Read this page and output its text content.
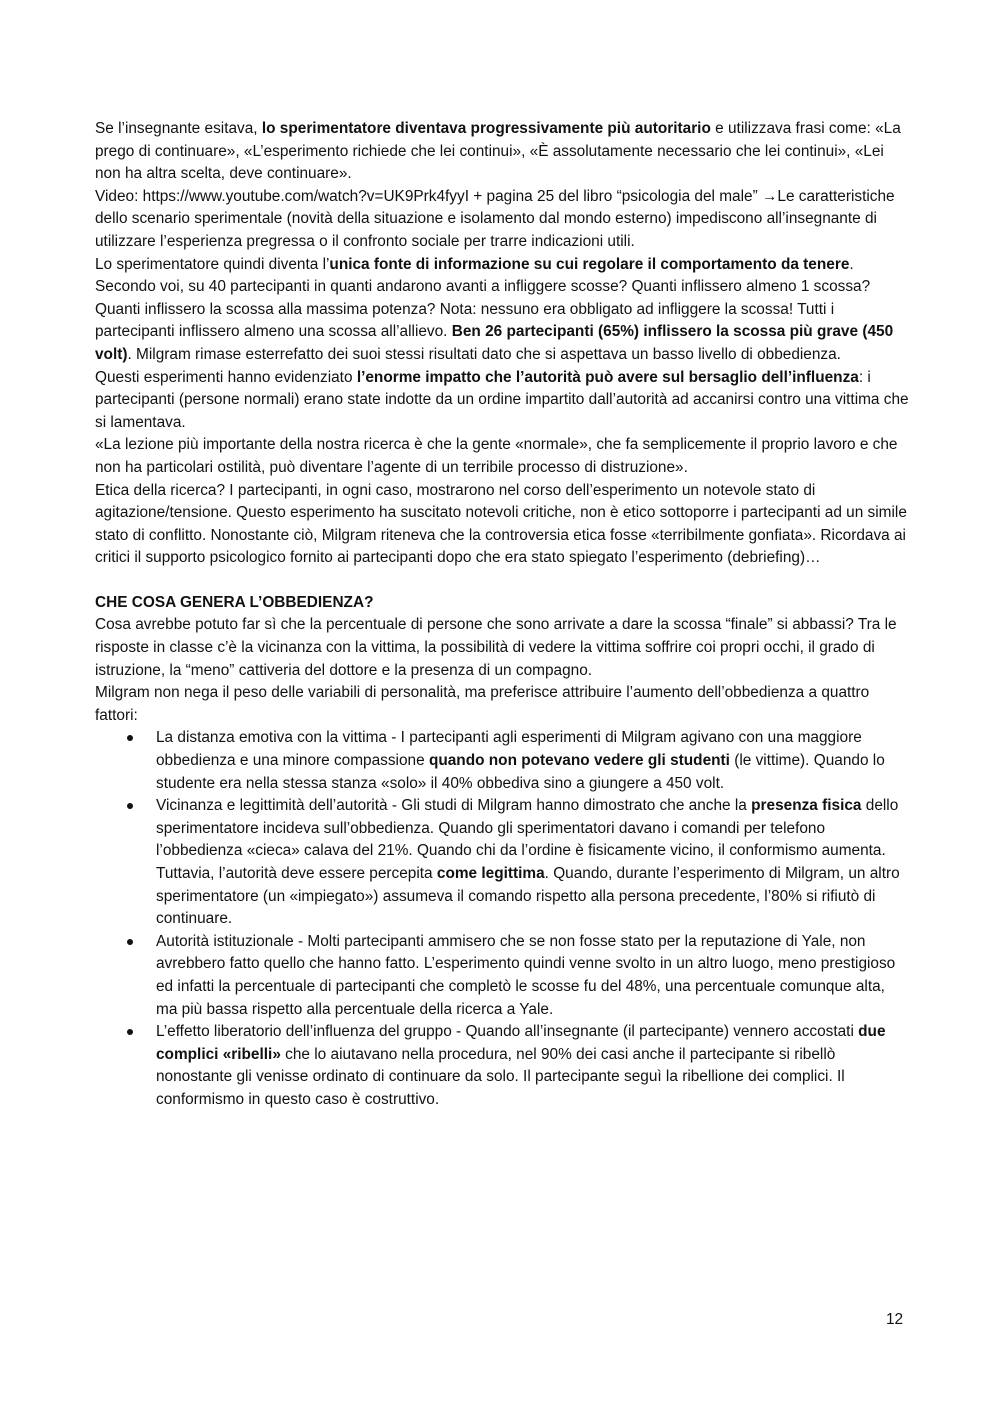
Se l’insegnante esitava, lo sperimentatore diventava progressivamente più autoritario e utilizzava frasi come: «La prego di continuare», «L’esperimento richiede che lei continui», «È assolutamente necessario che lei continui», «Lei non ha altra scelta, deve continuare».

Video: https://www.youtube.com/watch?v=UK9Prk4fyyI + pagina 25 del libro “psicologia del male” →Le caratteristiche dello scenario sperimentale (novità della situazione e isolamento dal mondo esterno) impediscono all’insegnante di utilizzare l’esperienza pregressa o il confronto sociale per trarre indicazioni utili.

Lo sperimentatore quindi diventa l’unica fonte di informazione su cui regolare il comportamento da tenere.

Secondo voi, su 40 partecipanti in quanti andarono avanti a infliggere scosse? Quanti inflissero almeno 1 scossa? Quanti inflissero la scossa alla massima potenza? Nota: nessuno era obbligato ad infliggere la scossa! Tutti i partecipanti inflissero almeno una scossa all’allievo. Ben 26 partecipanti (65%) inflissero la scossa più grave (450 volt). Milgram rimase esterrefatto dei suoi stessi risultati dato che si aspettava un basso livello di obbedienza.

Questi esperimenti hanno evidenziato l’enorme impatto che l’autorità può avere sul bersaglio dell’influenza: i partecipanti (persone normali) erano state indotte da un ordine impartito dall’autorità ad accanirsi contro una vittima che si lamentava.

«La lezione più importante della nostra ricerca è che la gente «normale», che fa semplicemente il proprio lavoro e che non ha particolari ostilità, può diventare l’agente di un terribile processo di distruzione».

Etica della ricerca? I partecipanti, in ogni caso, mostrarono nel corso dell’esperimento un notevole stato di agitazione/tensione. Questo esperimento ha suscitato notevoli critiche, non è etico sottoporre i partecipanti ad un simile stato di conflitto. Nonostante ciò, Milgram riteneva che la controversia etica fosse «terribilmente gonfiata». Ricordava ai critici il supporto psicologico fornito ai partecipanti dopo che era stato spiegato l’esperimento (debriefing)…

CHE COSA GENERA L’OBBEDIENZA?

Cosa avrebbe potuto far sì che la percentuale di persone che sono arrivate a dare la scossa “finale” si abbassi? Tra le risposte in classe c’è la vicinanza con la vittima, la possibilità di vedere la vittima soffrire coi propri occhi, il grado di istruzione, la “meno” cattiveria del dottore e la presenza di un compagno.

Milgram non nega il peso delle variabili di personalità, ma preferisce attribuire l’aumento dell’obbedienza a quattro fattori:

La distanza emotiva con la vittima - I partecipanti agli esperimenti di Milgram agivano con una maggiore obbedienza e una minore compassione quando non potevano vedere gli studenti (le vittime). Quando lo studente era nella stessa stanza «solo» il 40% obbediva sino a giungere a 450 volt.
Vicinanza e legittimità dell’autorità - Gli studi di Milgram hanno dimostrato che anche la presenza fisica dello sperimentatore incideva sull’obbedienza. Quando gli sperimentatori davano i comandi per telefono l’obbedienza «cieca» calava del 21%. Quando chi da l’ordine è fisicamente vicino, il conformismo aumenta. Tuttavia, l’autorità deve essere percepita come legittima. Quando, durante l’esperimento di Milgram, un altro sperimentatore (un «impiegato») assumeva il comando rispetto alla persona precedente, l’80% si rifiutò di continuare.
Autorità istituzionale - Molti partecipanti ammisero che se non fosse stato per la reputazione di Yale, non avrebbero fatto quello che hanno fatto. L’esperimento quindi venne svolto in un altro luogo, meno prestigioso ed infatti la percentuale di partecipanti che completò le scosse fu del 48%, una percentuale comunque alta, ma più bassa rispetto alla percentuale della ricerca a Yale.
L’effetto liberatorio dell’influenza del gruppo - Quando all’insegnante (il partecipante) vennero accostati due complici «ribelli» che lo aiutavano nella procedura, nel 90% dei casi anche il partecipante si ribellò nonostante gli venisse ordinato di continuare da solo. Il partecipante seguì la ribellione dei complici. Il conformismo in questo caso è costruttivo.
12
